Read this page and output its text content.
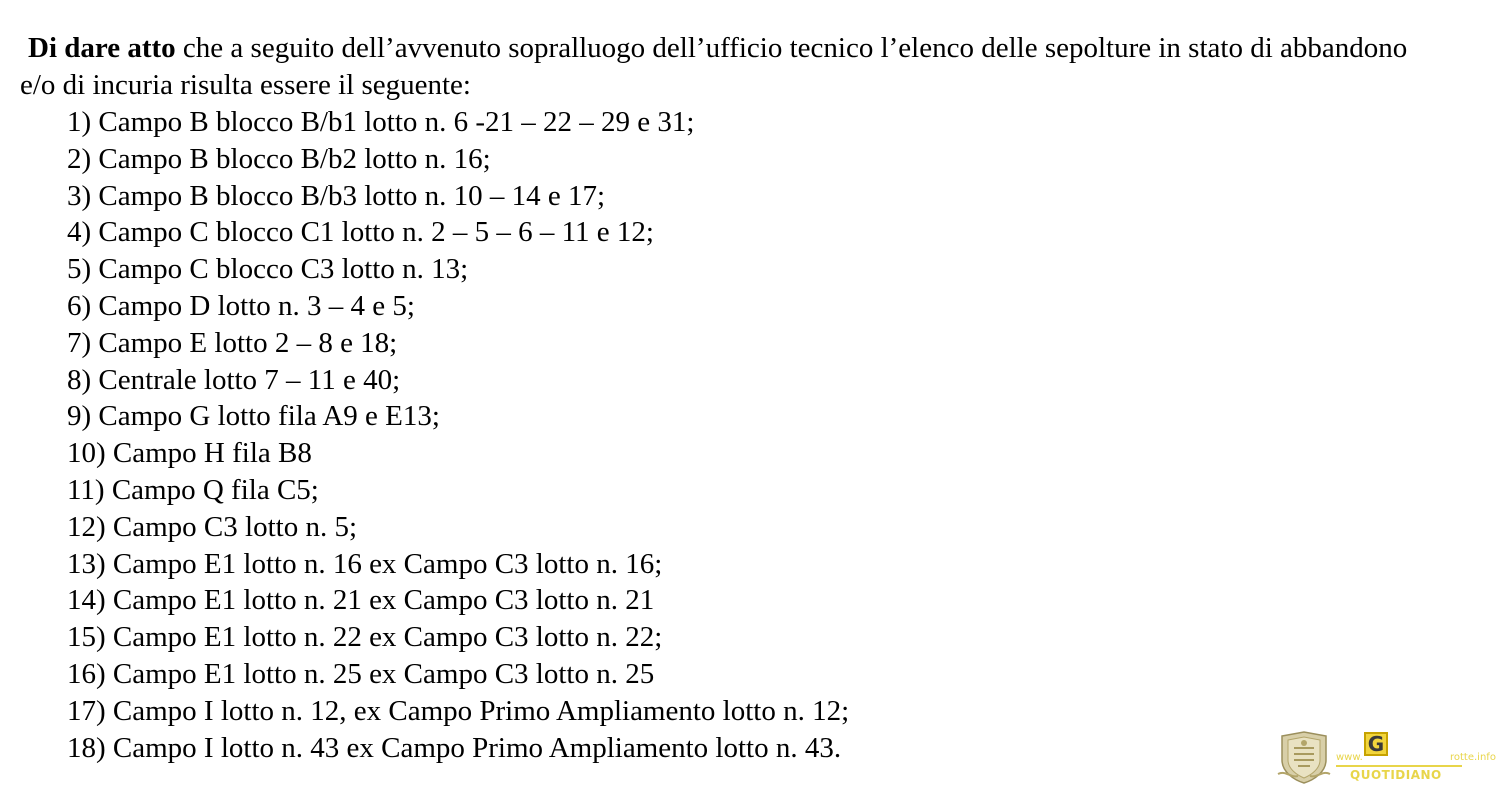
Di dare atto che a seguito dell’avvenuto sopralluogo dell’ufficio tecnico l’elenco delle sepolture in stato di abbandono e/o di incuria risulta essere il seguente:

1) Campo B blocco B/b1 lotto n. 6 -21 – 22 – 29 e 31;
2) Campo B blocco B/b2 lotto n. 16;
3) Campo B blocco B/b3 lotto n. 10 – 14 e 17;
4) Campo C blocco C1 lotto n. 2 – 5 – 6 – 11 e 12;
5) Campo C blocco C3 lotto n. 13;
6) Campo D lotto n. 3 – 4 e 5;
7) Campo E lotto 2 – 8 e 18;
8) Centrale lotto 7 – 11 e 40;
9) Campo G lotto fila A9 e E13;
10) Campo H fila B8
11) Campo Q fila C5;
12) Campo C3 lotto n. 5;
13) Campo E1 lotto n. 16 ex Campo C3 lotto n. 16;
14) Campo E1 lotto n. 21 ex Campo C3 lotto n. 21
15) Campo E1 lotto n. 22 ex Campo C3 lotto n. 22;
16) Campo E1 lotto n. 25 ex Campo C3 lotto n. 25
17) Campo I lotto n. 12, ex Campo Primo Ampliamento lotto n. 12;
18) Campo I lotto n. 43 ex Campo Primo Ampliamento lotto n. 43.	www.	rotte.info
G
QUOTIDIANO
